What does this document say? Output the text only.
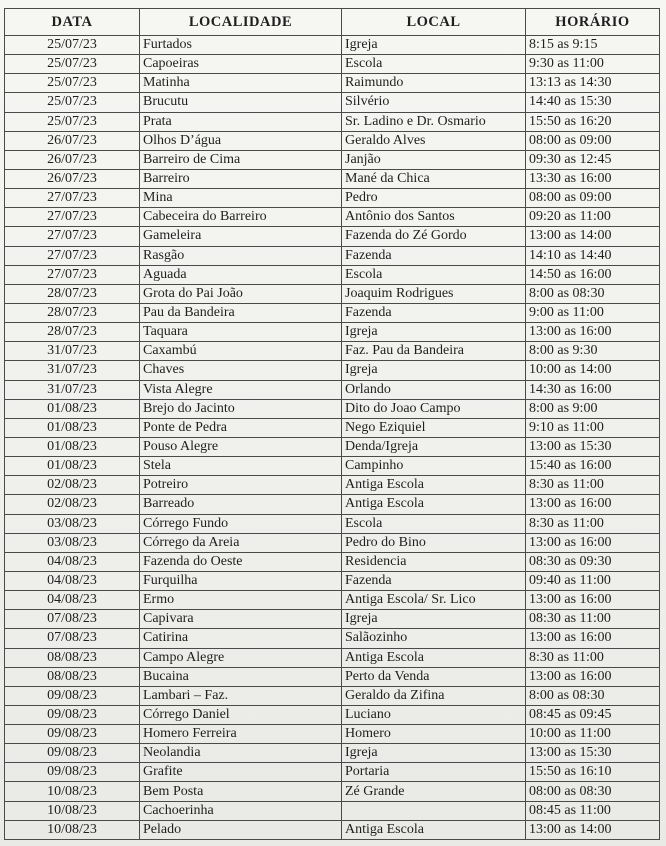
DATA	LOCALIDADE	LOCAL	HORÁRIO
25/07/23	Furtados	Igreja	8:15 as 9:15
25/07/23	Capoeiras	Escola	9:30 as 11:00
25/07/23	Matinha	Raimundo	13:13 as 14:30
25/07/23	Brucutu	Silvério	14:40 as 15:30
25/07/23	Prata	Sr. Ladino e Dr. Osmario	15:50 as 16:20
26/07/23	Olhos D’água	Geraldo Alves	08:00 as 09:00
26/07/23	Barreiro de Cima	Janjão	09:30 as 12:45
26/07/23	Barreiro	Mané da Chica	13:30 as 16:00
27/07/23	Mina	Pedro	08:00 as 09:00
27/07/23	Cabeceira do Barreiro	Antônio dos Santos	09:20 as 11:00
27/07/23	Gameleira	Fazenda do Zé Gordo	13:00 as 14:00
27/07/23	Rasgão	Fazenda	14:10 as 14:40
27/07/23	Aguada	Escola	14:50 as 16:00
28/07/23	Grota do Pai João	Joaquim Rodrigues	8:00 as 08:30
28/07/23	Pau da Bandeira	Fazenda	9:00 as 11:00
28/07/23	Taquara	Igreja	13:00 as 16:00
31/07/23	Caxambú	Faz. Pau da Bandeira	8:00 as 9:30
31/07/23	Chaves	Igreja	10:00 as 14:00
31/07/23	Vista Alegre	Orlando	14:30 as 16:00
01/08/23	Brejo do Jacinto	Dito do Joao Campo	8:00 as 9:00
01/08/23	Ponte de Pedra	Nego Eziquiel	9:10 as 11:00
01/08/23	Pouso Alegre	Denda/Igreja	13:00 as 15:30
01/08/23	Stela	Campinho	15:40 as 16:00
02/08/23	Potreiro	Antiga Escola	8:30 as 11:00
02/08/23	Barreado	Antiga Escola	13:00 as 16:00
03/08/23	Córrego Fundo	Escola	8:30 as 11:00
03/08/23	Córrego da Areia	Pedro do Bino	13:00 as 16:00
04/08/23	Fazenda do Oeste	Residencia	08:30 as 09:30
04/08/23	Furquilha	Fazenda	09:40 as 11:00
04/08/23	Ermo	Antiga Escola/ Sr. Lico	13:00 as 16:00
07/08/23	Capivara	Igreja	08:30 as 11:00
07/08/23	Catirina	Salãozinho	13:00 as 16:00
08/08/23	Campo Alegre	Antiga Escola	8:30 as 11:00
08/08/23	Bucaina	Perto da Venda	13:00 as 16:00
09/08/23	Lambari – Faz.	Geraldo da Zifina	8:00 as 08:30
09/08/23	Córrego Daniel	Luciano	08:45 as 09:45
09/08/23	Homero Ferreira	Homero	10:00 as 11:00
09/08/23	Neolandia	Igreja	13:00 as 15:30
09/08/23	Grafite	Portaria	15:50 as 16:10
10/08/23	Bem Posta	Zé Grande	08:00 as 08:30
10/08/23	Cachoerinha		08:45 as 11:00
10/08/23	Pelado	Antiga Escola	13:00 as 14:00
